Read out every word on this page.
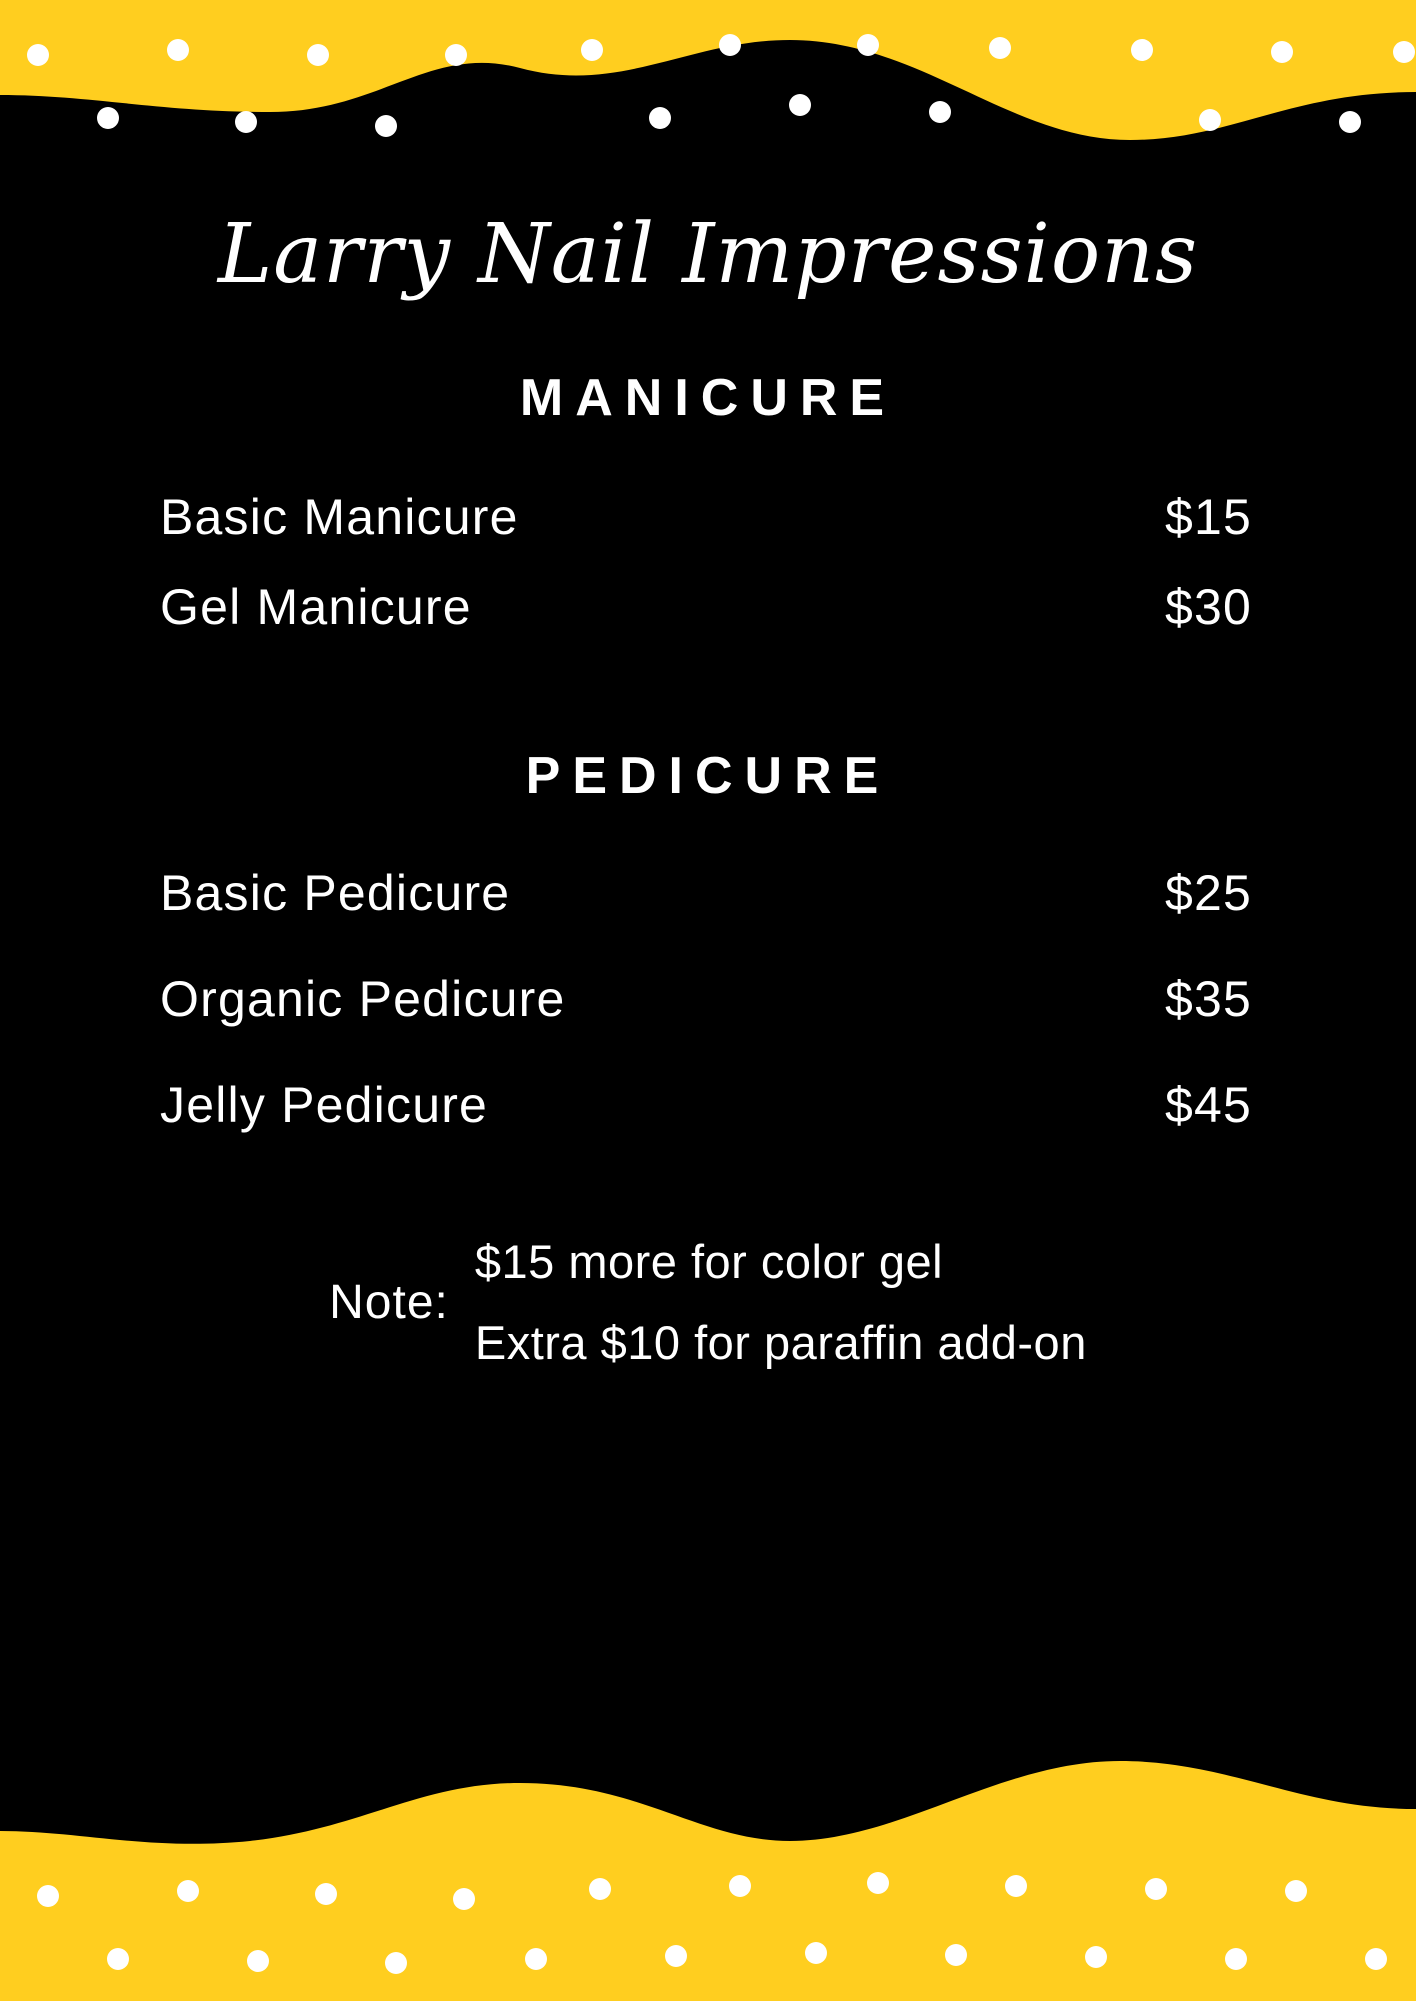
Larry Nail Impressions
MANICURE
Basic Manicure	$15
Gel Manicure	$30
PEDICURE
Basic Pedicure	$25
Organic Pedicure	$35
Jelly Pedicure	$45
Note:
$15 more for color gel
Extra $10 for paraffin add-on
